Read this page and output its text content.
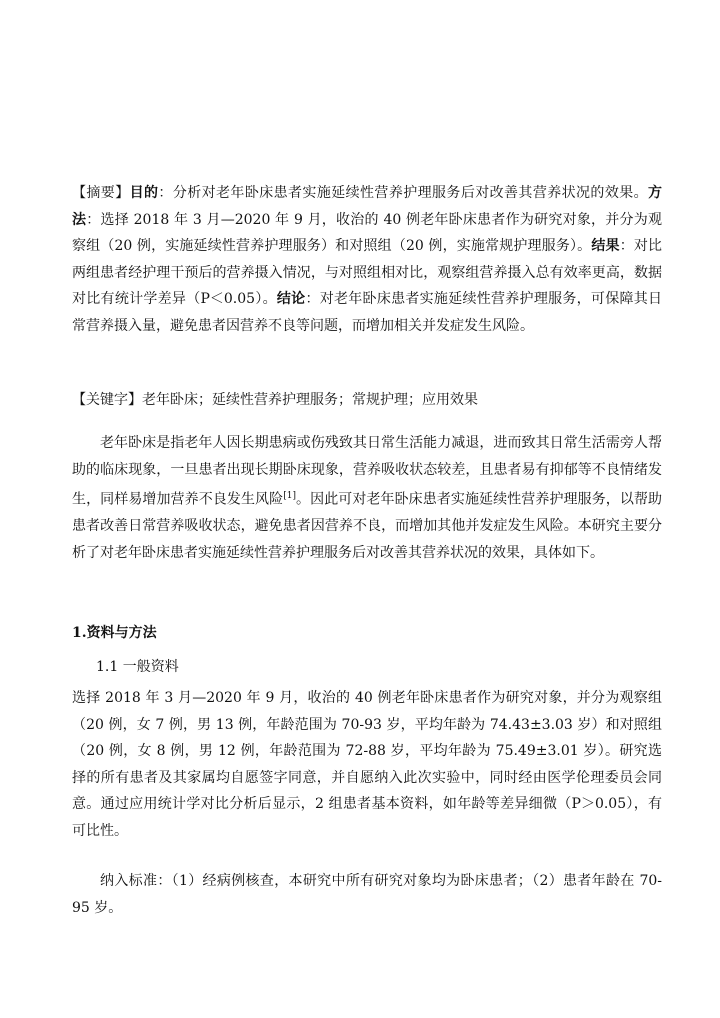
【摘要】目的：分析对老年卧床患者实施延续性营养护理服务后对改善其营养状况的效果。方法：选择 2018 年 3 月—2020 年 9 月，收治的 40 例老年卧床患者作为研究对象，并分为观察组（20 例，实施延续性营养护理服务）和对照组（20 例，实施常规护理服务）。结果：对比两组患者经护理干预后的营养摄入情况，与对照组相对比，观察组营养摄入总有效率更高，数据对比有统计学差异（P＜0.05）。结论：对老年卧床患者实施延续性营养护理服务，可保障其日常营养摄入量，避免患者因营养不良等问题，而增加相关并发症发生风险。

【关键字】老年卧床；延续性营养护理服务；常规护理；应用效果

老年卧床是指老年人因长期患病或伤残致其日常生活能力减退，进而致其日常生活需旁人帮助的临床现象，一旦患者出现长期卧床现象，营养吸收状态较差，且患者易有抑郁等不良情绪发生，同样易增加营养不良发生风险[1]。因此可对老年卧床患者实施延续性营养护理服务，以帮助患者改善日常营养吸收状态，避免患者因营养不良，而增加其他并发症发生风险。本研究主要分析了对老年卧床患者实施延续性营养护理服务后对改善其营养状况的效果，具体如下。

1.资料与方法
1.1 一般资料

选择 2018 年 3 月—2020 年 9 月，收治的 40 例老年卧床患者作为研究对象，并分为观察组（20 例，女 7 例，男 13 例，年龄范围为 70-93 岁，平均年龄为 74.43±3.03 岁）和对照组（20 例，女 8 例，男 12 例，年龄范围为 72-88 岁，平均年龄为 75.49±3.01 岁）。研究选择的所有患者及其家属均自愿签字同意，并自愿纳入此次实验中，同时经由医学伦理委员会同意。通过应用统计学对比分析后显示，2 组患者基本资料，如年龄等差异细微（P＞0.05），有可比性。

纳入标准：（1）经病例核查，本研究中所有研究对象均为卧床患者；（2）患者年龄在 70-95 岁。
